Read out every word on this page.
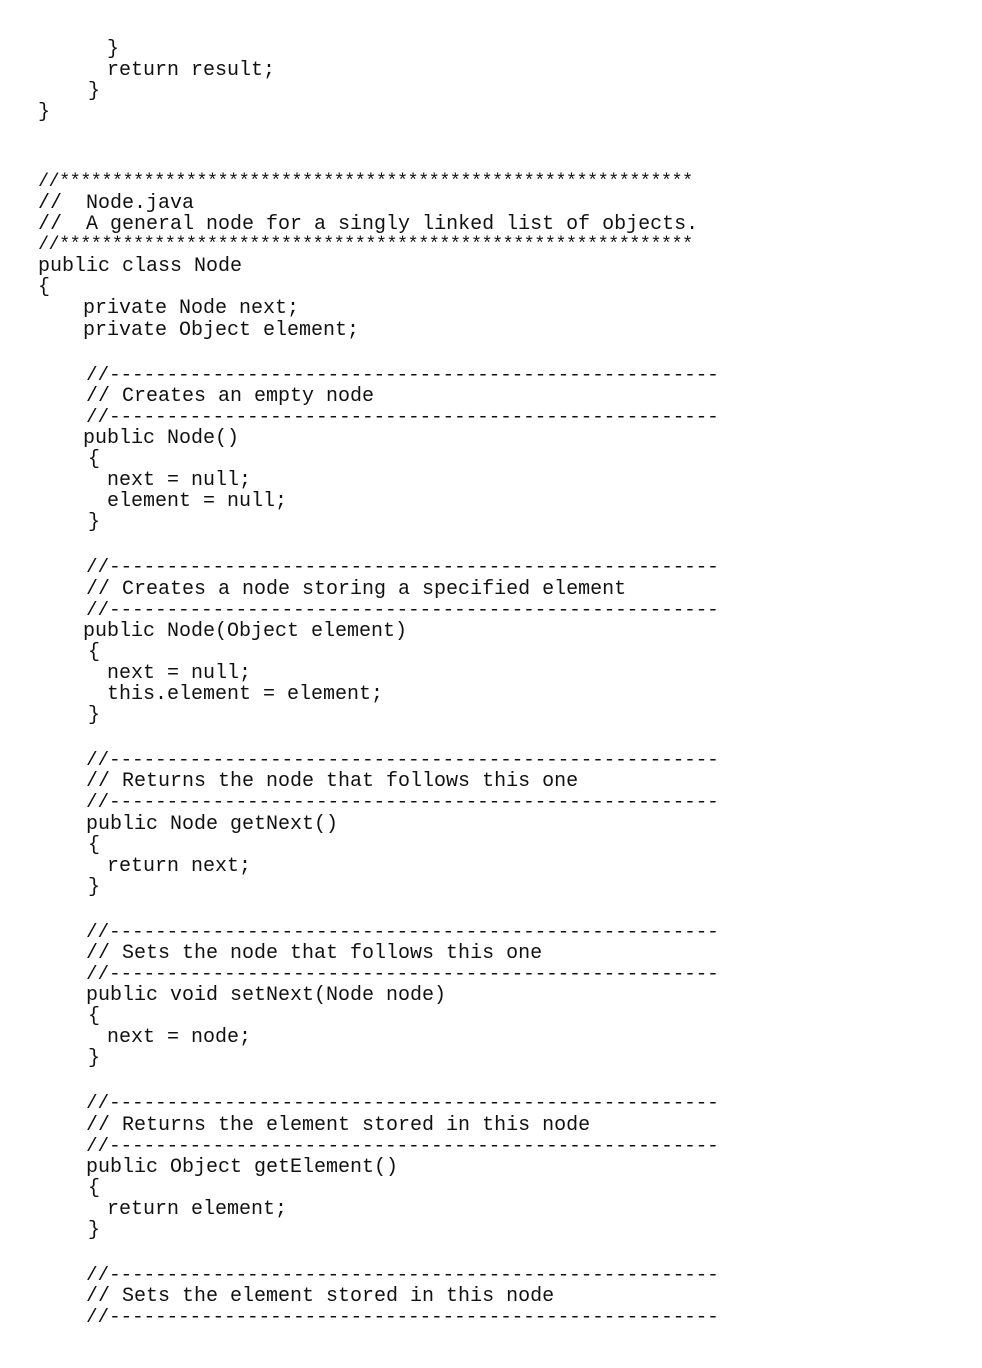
}
return result;
}
}
//************************************************************
//  Node.java
//  A general node for a singly linked list of objects.
//************************************************************
public class Node
{
private Node next;
private Object element;
//-----------------------------------------------------
// Creates an empty node
//-----------------------------------------------------
public Node()
{
next = null;
element = null;
}
//-----------------------------------------------------
// Creates a node storing a specified element
//-----------------------------------------------------
public Node(Object element)
{
next = null;
this.element = element;
}
//-----------------------------------------------------
// Returns the node that follows this one
//-----------------------------------------------------
public Node getNext()
{
return next;
}
//-----------------------------------------------------
// Sets the node that follows this one
//-----------------------------------------------------
public void setNext(Node node)
{
next = node;
}
//-----------------------------------------------------
// Returns the element stored in this node
//-----------------------------------------------------
public Object getElement()
{
return element;
}
//-----------------------------------------------------
// Sets the element stored in this node
//-----------------------------------------------------
